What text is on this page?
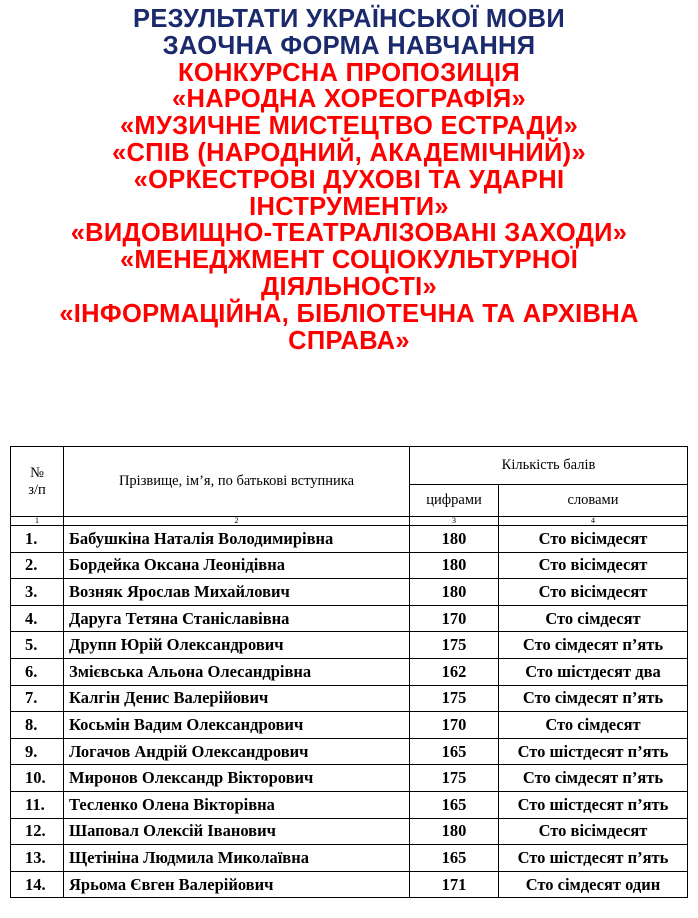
РЕЗУЛЬТАТИ УКРАЇНСЬКОЇ МОВИ
ЗАОЧНА ФОРМА НАВЧАННЯ
КОНКУРСНА ПРОПОЗИЦІЯ
«НАРОДНА ХОРЕОГРАФІЯ»
«МУЗИЧНЕ МИСТЕЦТВО ЕСТРАДИ»
«СПІВ (НАРОДНИЙ, АКАДЕМІЧНИЙ)»
«ОРКЕСТРОВІ ДУХОВІ ТА УДАРНІ
ІНСТРУМЕНТИ»
«ВИДОВИЩНО-ТЕАТРАЛІЗОВАНІ ЗАХОДИ»
«МЕНЕДЖМЕНТ СОЦІОКУЛЬТУРНОЇ
ДІЯЛЬНОСТІ»
«ІНФОРМАЦІЙНА, БІБЛІОТЕЧНА ТА АРХІВНА
СПРАВА»
№
з/п	Прізвище, ім’я, по батькові вступника	Кількість балів	
		цифрами	словами
1	2	3	4
1.	Бабушкіна Наталія Володимирівна	180	Сто вісімдесят
2.	Бордейка Оксана Леонідівна	180	Сто вісімдесят
3.	Возняк Ярослав Михайлович	180	Сто вісімдесят
4.	Даруга Тетяна Станіславівна	170	Сто сімдесят
5.	Друпп Юрій Олександрович	175	Сто сімдесят п’ять
6.	Змієвська Альона Олесандрівна	162	Сто шістдесят два
7.	Калгін Денис Валерійович	175	Сто сімдесят п’ять
8.	Косьмін Вадим Олександрович	170	Сто сімдесят
9.	Логачов Андрій Олександрович	165	Сто шістдесят п’ять
10.	Миронов Олександр Вікторович	175	Сто сімдесят п’ять
11.	Тесленко Олена Вікторівна	165	Сто шістдесят п’ять
12.	Шаповал Олексій Іванович	180	Сто вісімдесят
13.	Щетініна Людмила Миколаївна	165	Сто шістдесят п’ять
14.	Ярьома Євген Валерійович	171	Сто сімдесят один
